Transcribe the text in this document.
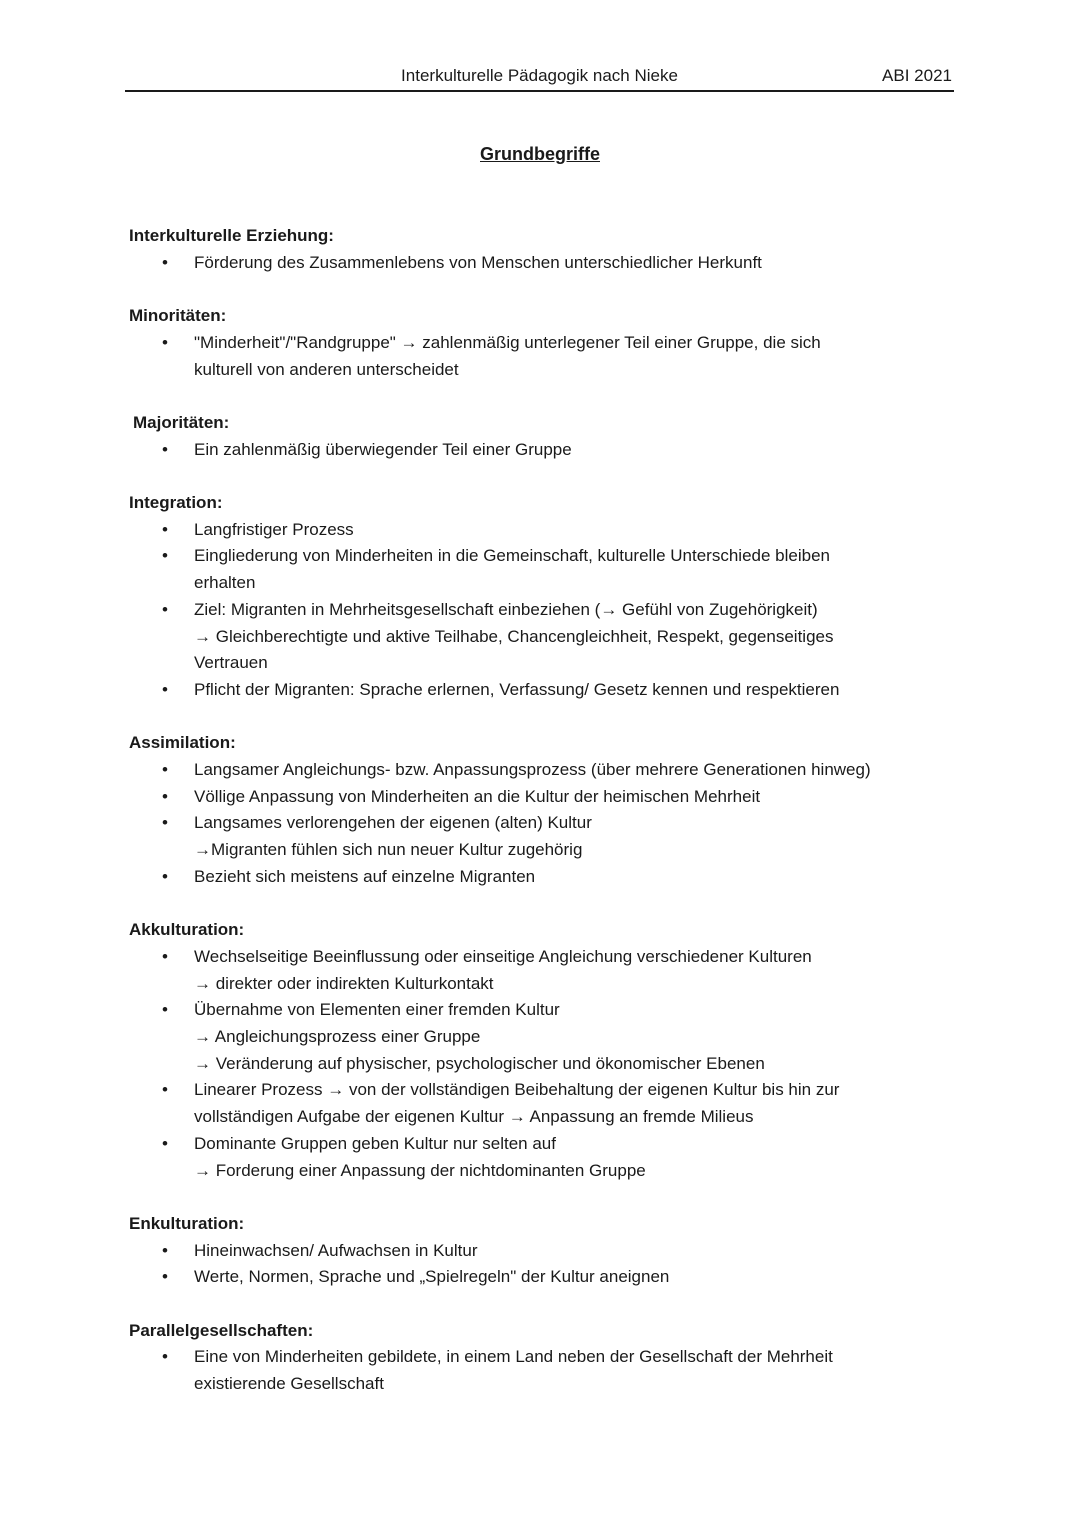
Interkulturelle Pädagogik nach Nieke	ABI 2021
Grundbegriffe
Interkulturelle Erziehung:
• Förderung des Zusammenlebens von Menschen unterschiedlicher Herkunft
Minoritäten:
• "Minderheit"/"Randgruppe" → zahlenmäßig unterlegener Teil einer Gruppe, die sich
kulturell von anderen unterscheidet
Majoritäten:
• Ein zahlenmäßig überwiegender Teil einer Gruppe
Integration:
• Langfristiger Prozess
• Eingliederung von Minderheiten in die Gemeinschaft, kulturelle Unterschiede bleiben
erhalten
• Ziel: Migranten in Mehrheitsgesellschaft einbeziehen (→ Gefühl von Zugehörigkeit)
→ Gleichberechtigte und aktive Teilhabe, Chancengleichheit, Respekt, gegenseitiges
Vertrauen
• Pflicht der Migranten: Sprache erlernen, Verfassung/ Gesetz kennen und respektieren
Assimilation:
• Langsamer Angleichungs- bzw. Anpassungsprozess (über mehrere Generationen hinweg)
• Völlige Anpassung von Minderheiten an die Kultur der heimischen Mehrheit
• Langsames verlorengehen der eigenen (alten) Kultur
→Migranten fühlen sich nun neuer Kultur zugehörig
• Bezieht sich meistens auf einzelne Migranten
Akkulturation:
• Wechselseitige Beeinflussung oder einseitige Angleichung verschiedener Kulturen
→ direkter oder indirekten Kulturkontakt
• Übernahme von Elementen einer fremden Kultur
→ Angleichungsprozess einer Gruppe
→ Veränderung auf physischer, psychologischer und ökonomischer Ebenen
• Linearer Prozess → von der vollständigen Beibehaltung der eigenen Kultur bis hin zur
vollständigen Aufgabe der eigenen Kultur → Anpassung an fremde Milieus
• Dominante Gruppen geben Kultur nur selten auf
→ Forderung einer Anpassung der nichtdominanten Gruppe
Enkulturation:
• Hineinwachsen/ Aufwachsen in Kultur
• Werte, Normen, Sprache und „Spielregeln" der Kultur aneignen
Parallelgesellschaften:
• Eine von Minderheiten gebildete, in einem Land neben der Gesellschaft der Mehrheit
existierende Gesellschaft
